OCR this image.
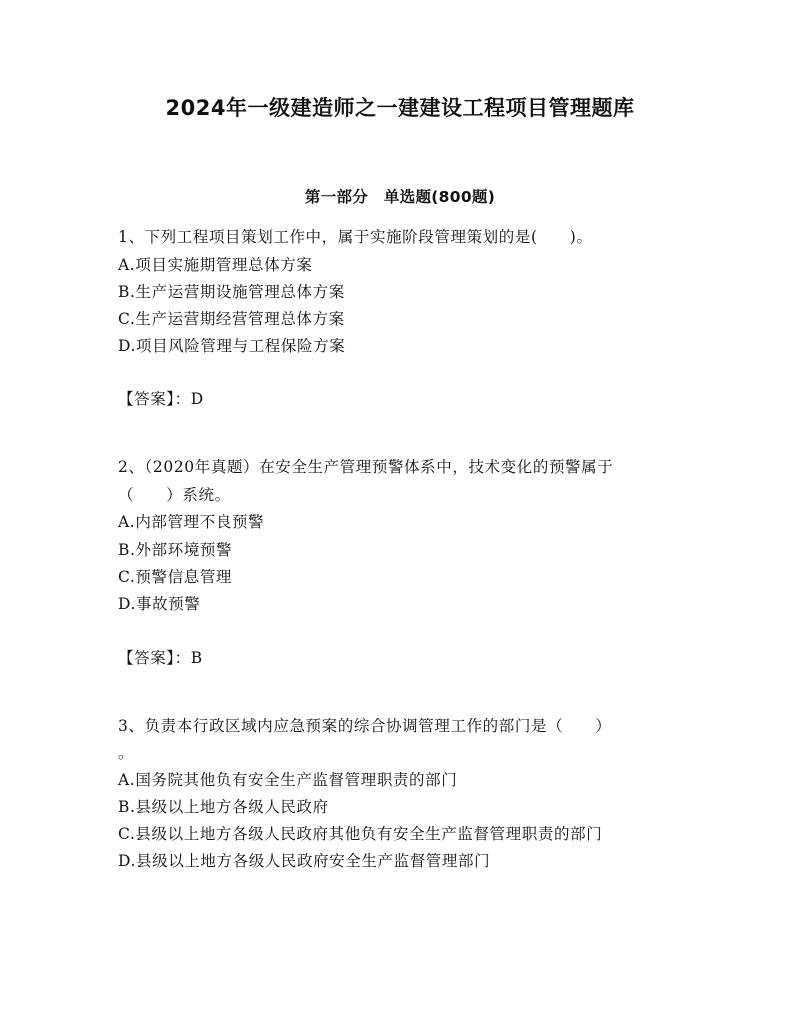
2024年一级建造师之一建建设工程项目管理题库
第一部分　单选题(800题)
1、下列工程项目策划工作中，属于实施阶段管理策划的是(　　)。
A.项目实施期管理总体方案
B.生产运营期设施管理总体方案
C.生产运营期经营管理总体方案
D.项目风险管理与工程保险方案
【答案】：D
2、（2020年真题）在安全生产管理预警体系中，技术变化的预警属于
（　　）系统。
A.内部管理不良预警
B.外部环境预警
C.预警信息管理
D.事故预警
【答案】：B
3、负责本行政区域内应急预案的综合协调管理工作的部门是（　　）
。
A.国务院其他负有安全生产监督管理职责的部门
B.县级以上地方各级人民政府
C.县级以上地方各级人民政府其他负有安全生产监督管理职责的部门
D.县级以上地方各级人民政府安全生产监督管理部门
